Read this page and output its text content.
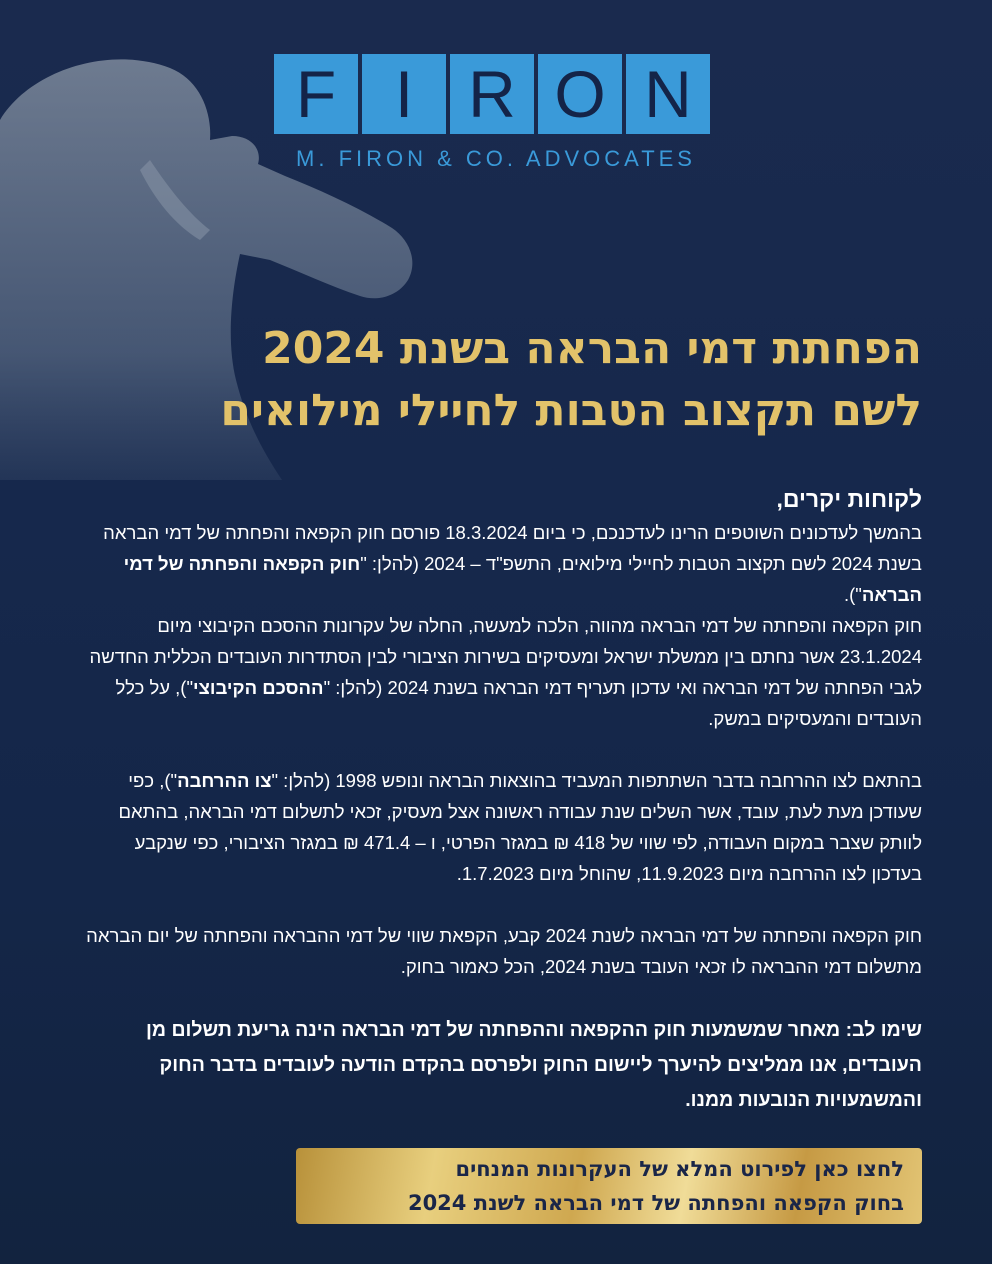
F I R O N
M. FIRON & CO. ADVOCATES
הפחתת דמי הבראה בשנת 2024
לשם תקצוב הטבות לחיילי מילואים

לקוחות יקרים,

בהמשך לעדכונים השוטפים הרינו לעדכנכם, כי ביום 18.3.2024 פורסם חוק הקפאה והפחתה של דמי הבראה בשנת 2024 לשם תקצוב הטבות לחיילי מילואים, התשפ"ד – 2024 (להלן: "חוק הקפאה והפחתה של דמי הבראה").

חוק הקפאה והפחתה של דמי הבראה מהווה, הלכה למעשה, החלה של עקרונות ההסכם הקיבוצי מיום 23.1.2024 אשר נחתם בין ממשלת ישראל ומעסיקים בשירות הציבורי לבין הסתדרות העובדים הכללית החדשה לגבי הפחתה של דמי הבראה ואי עדכון תעריף דמי הבראה בשנת 2024 (להלן: "ההסכם הקיבוצי"), על כלל העובדים והמעסיקים במשק.

בהתאם לצו ההרחבה בדבר השתתפות המעביד בהוצאות הבראה ונופש 1998 (להלן: "צו ההרחבה"), כפי שעודכן מעת לעת, עובד, אשר השלים שנת עבודה ראשונה אצל מעסיק, זכאי לתשלום דמי הבראה, בהתאם לוותק שצבר במקום העבודה, לפי שווי של 418 ₪ במגזר הפרטי, ו – 471.4 ₪ במגזר הציבורי, כפי שנקבע בעדכון לצו ההרחבה מיום 11.9.2023, שהוחל מיום 1.7.2023.

חוק הקפאה והפחתה של דמי הבראה לשנת 2024 קבע, הקפאת שווי של דמי ההבראה והפחתה של יום הבראה מתשלום דמי ההבראה לו זכאי העובד בשנת 2024, הכל כאמור בחוק.

שימו לב: מאחר שמשמעות חוק ההקפאה וההפחתה של דמי הבראה הינה גריעת תשלום מן העובדים, אנו ממליצים להיערך ליישום החוק ולפרסם בהקדם הודעה לעובדים בדבר החוק והמשמעויות הנובעות ממנו.

לחצו כאן לפירוט המלא של העקרונות המנחים
בחוק הקפאה והפחתה של דמי הבראה לשנת 2024
